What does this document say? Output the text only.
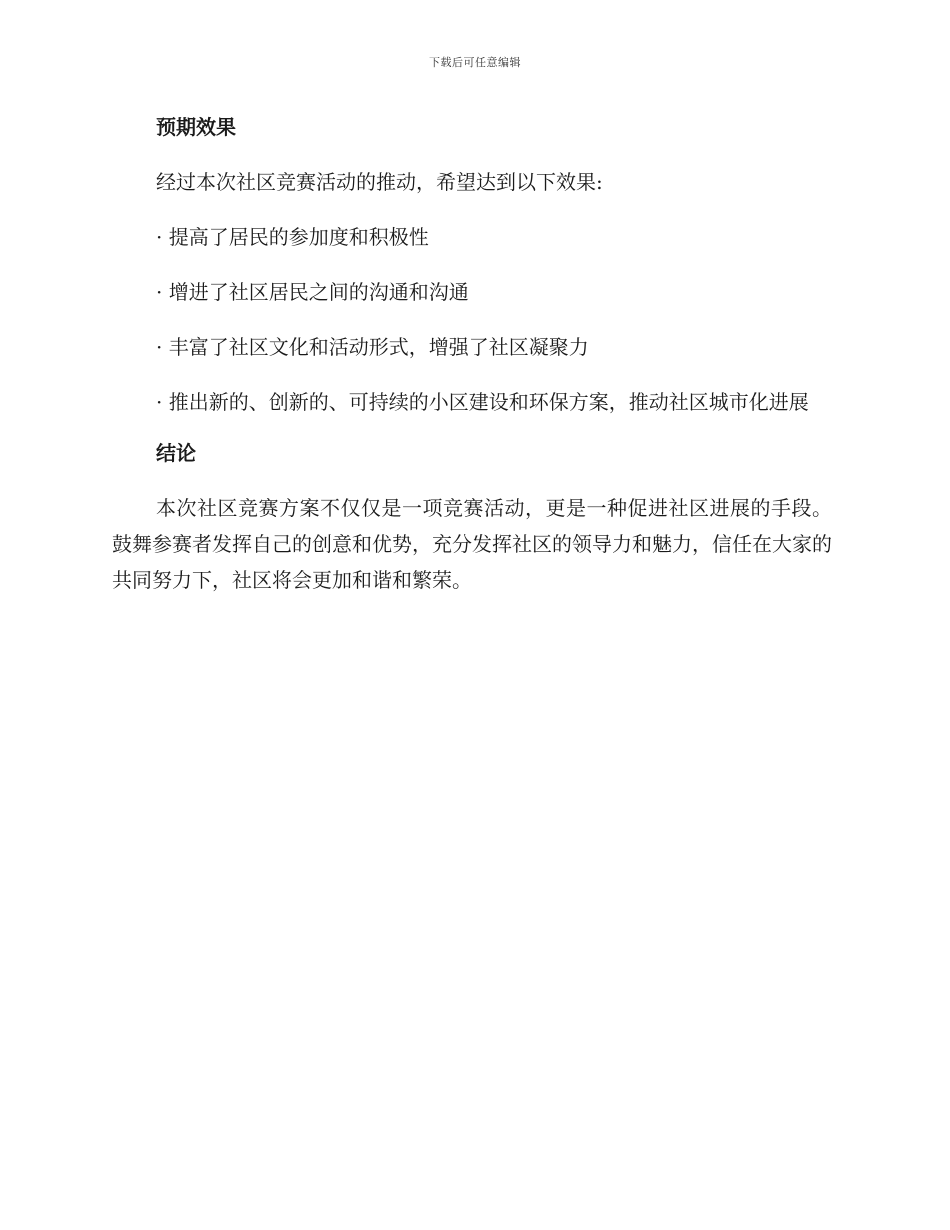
下载后可任意编辑
预期效果

经过本次社区竞赛活动的推动，希望达到以下效果:

· 提高了居民的参加度和积极性

· 增进了社区居民之间的沟通和沟通

· 丰富了社区文化和活动形式，增强了社区凝聚力

· 推出新的、创新的、可持续的小区建设和环保方案，推动社区城市化进展

结论

本次社区竞赛方案不仅仅是一项竞赛活动，更是一种促进社区进展的手段。鼓舞参赛者发挥自己的创意和优势，充分发挥社区的领导力和魅力，信任在大家的共同努力下，社区将会更加和谐和繁荣。
